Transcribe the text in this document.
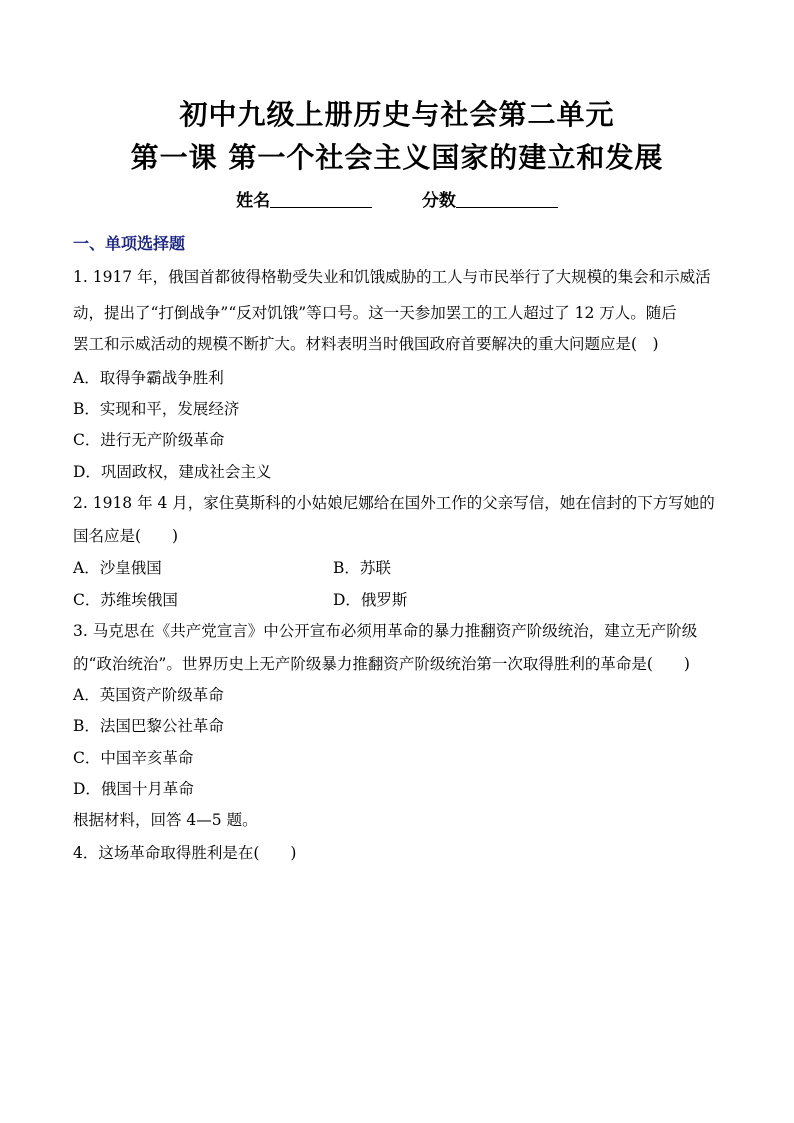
初中九级上册历史与社会第二单元
第一课 第一个社会主义国家的建立和发展
姓名	分数
一、单项选择题
1. 1917 年，俄国首都彼得格勒受失业和饥饿威胁的工人与市民举行了大规模的集会和示威活
动，提出了“打倒战争”“反对饥饿”等口号。这一天参加罢工的工人超过了 12 万人。随后
罢工和示威活动的规模不断扩大。材料表明当时俄国政府首要解决的重大问题应是(　)
A．取得争霸战争胜利
B．实现和平，发展经济
C．进行无产阶级革命
D．巩固政权，建成社会主义
2. 1918 年 4 月，家住莫斯科的小姑娘尼娜给在国外工作的父亲写信，她在信封的下方写她的
国名应是(　　)
A．沙皇俄国	B．苏联
C．苏维埃俄国	D．俄罗斯
3. 马克思在《共产党宣言》中公开宣布必须用革命的暴力推翻资产阶级统治，建立无产阶级
的“政治统治”。世界历史上无产阶级暴力推翻资产阶级统治第一次取得胜利的革命是(　　)
A．英国资产阶级革命
B．法国巴黎公社革命
C．中国辛亥革命
D．俄国十月革命
根据材料，回答 4—5 题。
4．这场革命取得胜利是在(　　)
